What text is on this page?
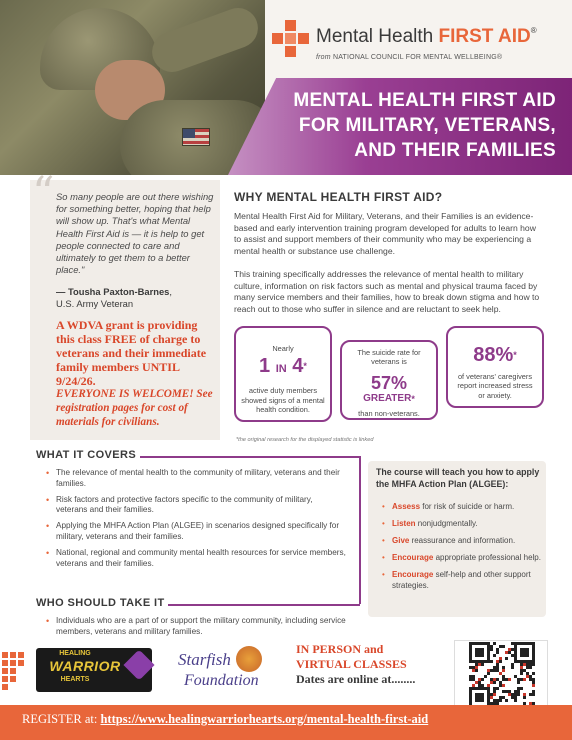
Mental Health FIRST AID®
from NATIONAL COUNCIL FOR MENTAL WELLBEING®
MENTAL HEALTH FIRST AID
FOR MILITARY, VETERANS,
AND THEIR FAMILIES
“ So many people are out there wishing for something better, hoping that help will show up. That's what Mental Health First Aid is — it is help to get people connected to care and ultimately to get them to a better place."
— Tousha Paxton-Barnes,
U.S. Army Veteran
A WDVA grant is providing this class FREE of charge to veterans and their immediate family members UNTIL 9/24/26.
EVERYONE IS WELCOME! See registration pages for cost of materials for civilians.
WHY MENTAL HEALTH FIRST AID?
Mental Health First Aid for Military, Veterans, and their Families is an evidence-based and early intervention training program developed for adults to learn how to assist and support members of their community who may be experiencing a mental health or substance use challenge.
This training specifically addresses the relevance of mental health to military culture, information on risk factors such as mental and physical trauma faced by many service members and their families, how to break down stigma and how to reach out to those who suffer in silence and are reluctant to seek help.
Nearly
1 IN 4*
active duty members showed signs of a mental health condition.
The suicide rate for veterans is
57%
GREATER*
than non-veterans.
88%*
of veterans' caregivers report increased stress or anxiety.
*the original research for the displayed statistic is linked
WHAT IT COVERS
• The relevance of mental health to the community of military, veterans and their families.
• Risk factors and protective factors specific to the community of military, veterans and their families.
• Applying the MHFA Action Plan (ALGEE) in scenarios designed specifically for military, veterans and their families.
• National, regional and community mental health resources for service members, veterans and their families.
The course will teach you how to apply the MHFA Action Plan (ALGEE):
• Assess for risk of suicide or harm.
• Listen nonjudgmentally.
• Give reassurance and information.
• Encourage appropriate professional help.
• Encourage self-help and other support strategies.
WHO SHOULD TAKE IT
• Individuals who are a part of or support the military community, including service members, veterans and military families.
HEALING
WARRIOR
HEARTS
Starfish
Foundation
IN PERSON and
VIRTUAL CLASSES
Dates are online at........
REGISTER at: https://www.healingwarriorhearts.org/mental-health-first-aid
